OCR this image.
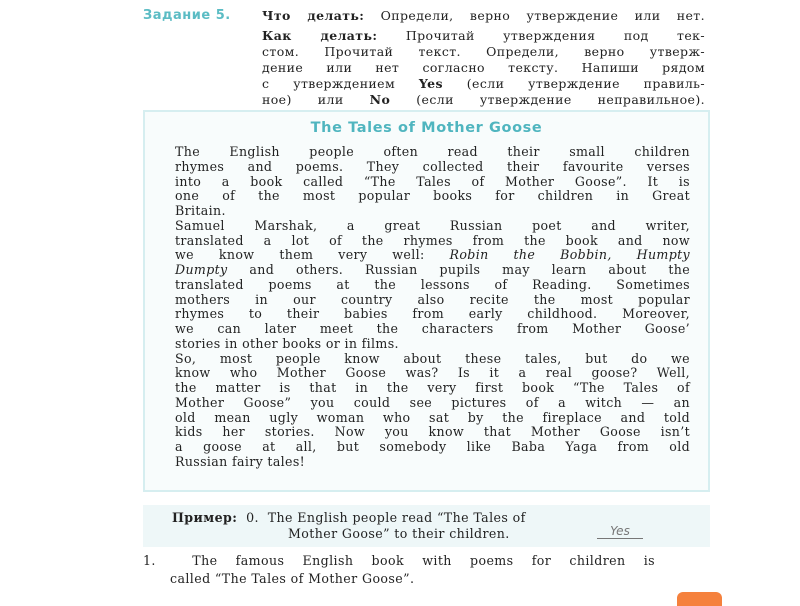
Задание 5.	Что делать: Определи, верно утверждение или нет.
Как делать: Прочитай утверждения под тек-
стом. Прочитай текст. Определи, верно утверж-
дение или нет согласно тексту. Напиши рядом
с утверждением Yes (если утверждение правиль-
ное) или No (если утверждение неправильное).
The Tales of Mother Goose
The English people often read their small children
rhymes and poems. They collected their favourite verses
into a book called “The Tales of Mother Goose”. It is
one of the most popular books for children in Great
Britain.
Samuel Marshak, a great Russian poet and writer,
translated a lot of the rhymes from the book and now
we know them very well: Robin the Bobbin, Humpty
Dumpty and others. Russian pupils may learn about the
translated poems at the lessons of Reading. Sometimes
mothers in our country also recite the most popular
rhymes to their babies from early childhood. Moreover,
we can later meet the characters from Mother Goose’
stories in other books or in films.
So, most people know about these tales, but do we
know who Mother Goose was? Is it a real goose? Well,
the matter is that in the very first book “The Tales of
Mother Goose” you could see pictures of a witch — an
old mean ugly woman who sat by the fireplace and told
kids her stories. Now you know that Mother Goose isn’t
a goose at all, but somebody like Baba Yaga from old
Russian fairy tales!
Пример: 0. The English people read “The Tales of
Mother Goose” to their children.	Yes
1.	The famous English book with poems for children is
called “The Tales of Mother Goose”.
